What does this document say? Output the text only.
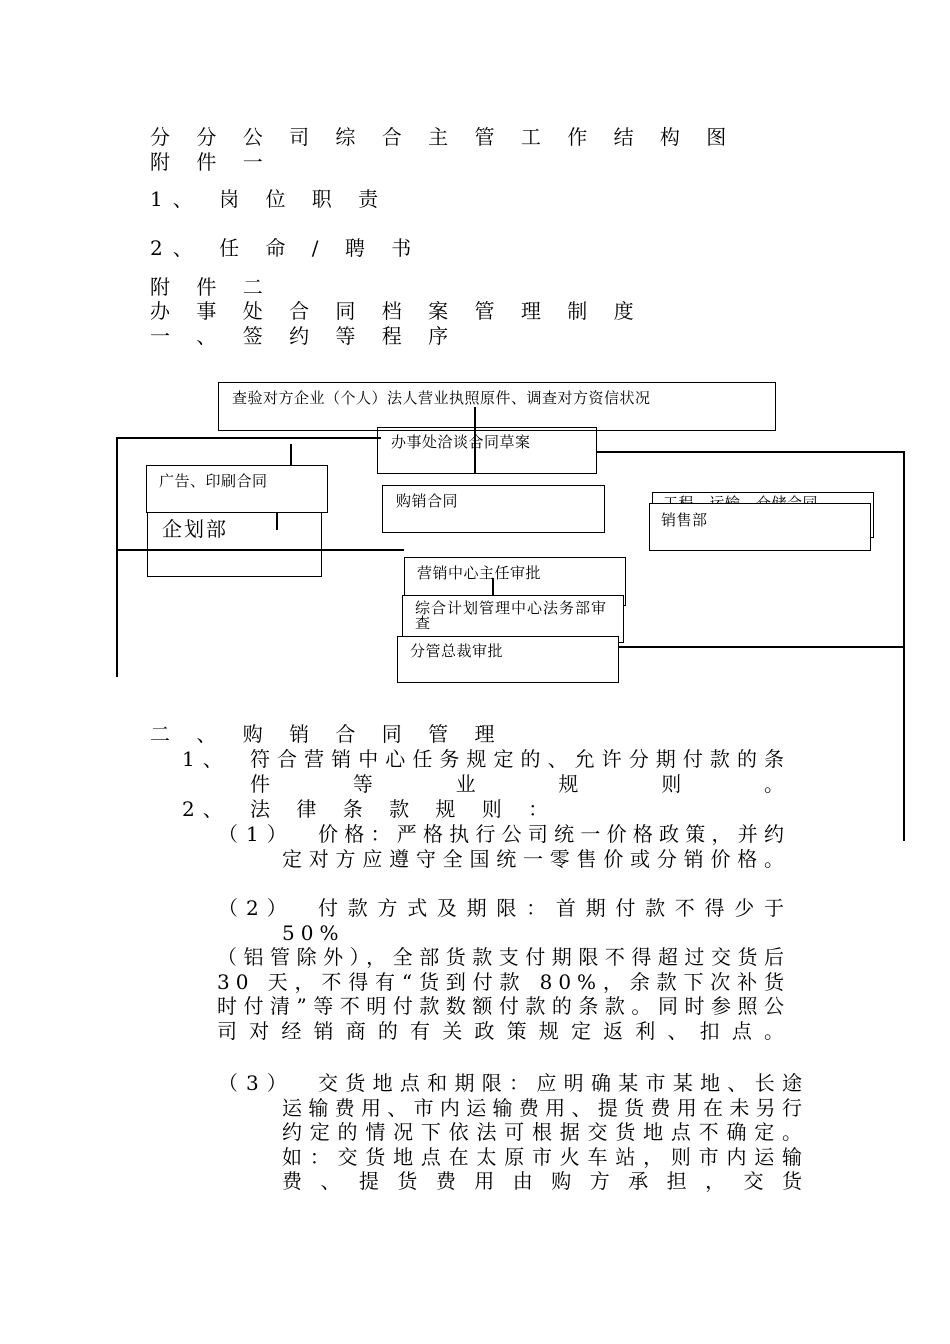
分 分 公 司 综 合 主 管 工 作 结 构 图
附 件 一
1、 岗 位 职 责
2、 任 命 / 聘 书
附 件 二
办 事 处 合 同 档 案 管 理 制 度
一 、 签 约 等 程 序
查验对方企业（个人）法人营业执照原件、调查对方资信状况
办事处洽谈合同草案
企划部
广告、印刷合同
购销合同
销售部
营销中心主任审批
综合计划管理中心法务部审查
分管总裁审批
二 、 购 销 合 同 管 理
1、 符合营销中心任务规定的、允许分期付款的条件等业规则。
2、 法 律 条 款 规 则 ：
（1）	价格：严格执行公司统一价格政策，并约定对方应遵守全国统一零售价或分销价格。
（2）	付款方式及期限：首期付款不得少于 50%
（铝管除外），全部货款支付期限不得超过交货后 30 天，不得有“货到付款 80%，余款下次补货时付清”等不明付款数额付款的条款。同时参照公司对经销商的有关政策规定返利、扣点。
（3）	交货地点和期限：应明确某市某地、长途运输费用、市内运输费用、提货费用在未另行约定的情况下依法可根据交货地点不确定。如：交货地点在太原市火车站，则市内运输费、提货费用由购方承担，交货
